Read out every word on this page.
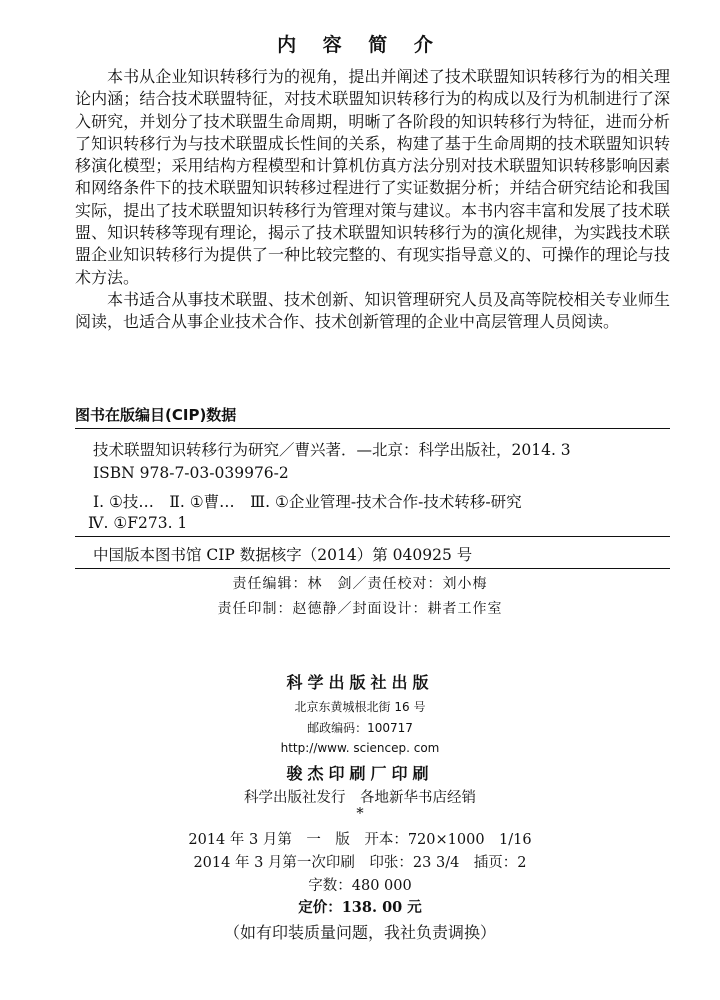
内 容 简 介

本书从企业知识转移行为的视角，提出并阐述了技术联盟知识转移行为的相关理论内涵；结合技术联盟特征，对技术联盟知识转移行为的构成以及行为机制进行了深入研究，并划分了技术联盟生命周期，明晰了各阶段的知识转移行为特征，进而分析了知识转移行为与技术联盟成长性间的关系，构建了基于生命周期的技术联盟知识转移演化模型；采用结构方程模型和计算机仿真方法分别对技术联盟知识转移影响因素和网络条件下的技术联盟知识转移过程进行了实证数据分析；并结合研究结论和我国实际，提出了技术联盟知识转移行为管理对策与建议。本书内容丰富和发展了技术联盟、知识转移等现有理论，揭示了技术联盟知识转移行为的演化规律，为实践技术联盟企业知识转移行为提供了一种比较完整的、有现实指导意义的、可操作的理论与技术方法。

本书适合从事技术联盟、技术创新、知识管理研究人员及高等院校相关专业师生阅读，也适合从事企业技术合作、技术创新管理的企业中高层管理人员阅读。

图书在版编目(CIP)数据
技术联盟知识转移行为研究／曹兴著．—北京：科学出版社，2014. 3
ISBN 978-7-03-039976-2
Ⅰ. ①技…　Ⅱ. ①曹…　Ⅲ. ①企业管理-技术合作-技术转移-研究
Ⅳ. ①F273. 1
中国版本图书馆 CIP 数据核字（2014）第 040925 号
责任编辑：林　剑／责任校对：刘小梅
责任印制：赵德静／封面设计：耕者工作室
科学出版社出版
北京东黄城根北街 16 号
邮政编码：100717
http://www. sciencep. com
骏杰印刷厂印刷
科学出版社发行　各地新华书店经销
*
2014 年 3 月第　一　版　开本：720×1000　1/16
2014 年 3 月第一次印刷　印张：23 3/4　插页：2
字数：480 000
定价：138. 00 元
（如有印装质量问题，我社负责调换）
